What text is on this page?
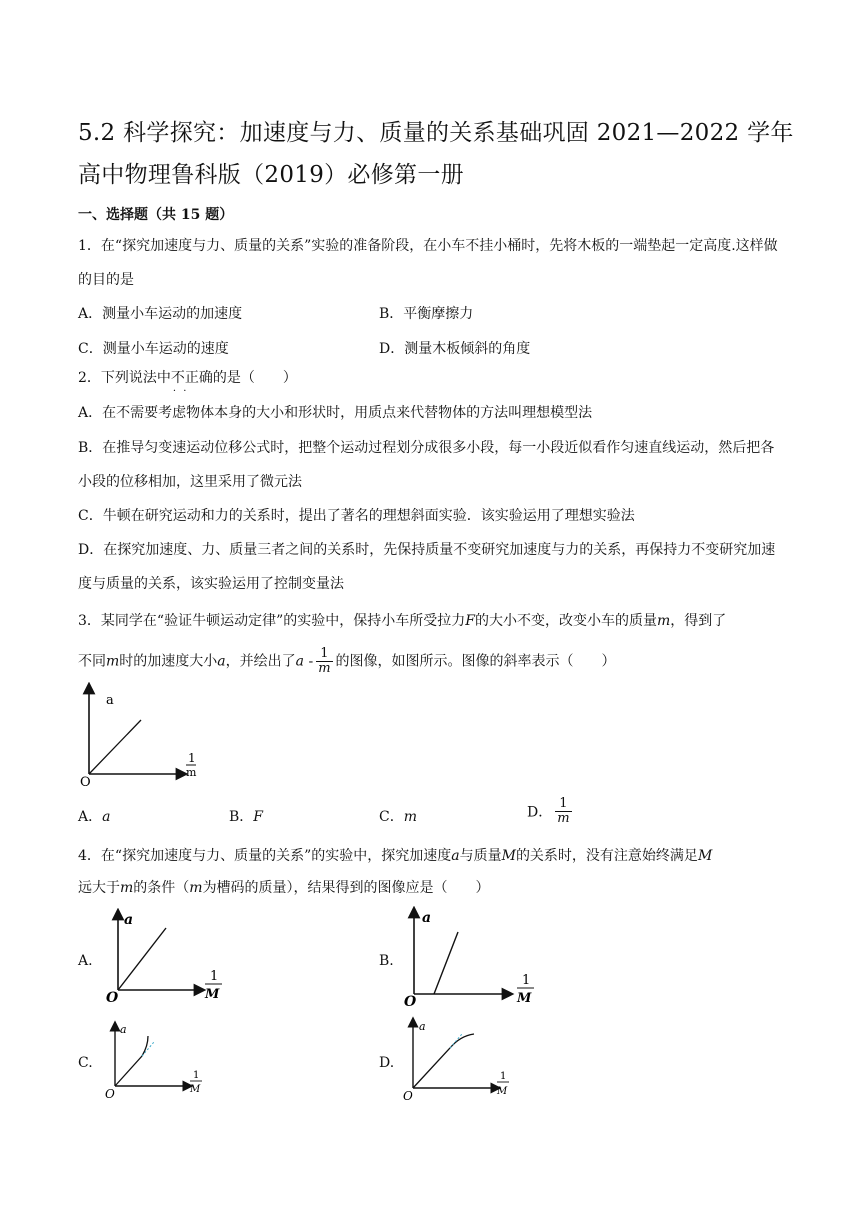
5.2 科学探究：加速度与力、质量的关系基础巩固 2021—2022 学年高中物理鲁科版（2019）必修第一册
一、选择题（共 15 题）
1．在“探究加速度与力、质量的关系”实验的准备阶段，在小车不挂小桶时，先将木板的一端垫起一定高度.这样做的目的是
A．测量小车运动的加速度	B．平衡摩擦力
C．测量小车运动的速度	D．测量木板倾斜的角度
2．下列说法中不正确 · ·的是（　　）
A．在不需要考虑物体本身的大小和形状时，用质点来代替物体的方法叫理想模型法
B．在推导匀变速运动位移公式时，把整个运动过程划分成很多小段，每一小段近似看作匀速直线运动，然后把各小段的位移相加，这里采用了微元法
C．牛顿在研究运动和力的关系时，提出了著名的理想斜面实验．该实验运用了理想实验法
D．在探究加速度、力、质量三者之间的关系时，先保持质量不变研究加速度与力的关系，再保持力不变研究加速度与质量的关系，该实验运用了控制变量法
3．某同学在“验证牛顿运动定律”的实验中，保持小车所受拉力F的大小不变，改变小车的质量m，得到了
不同m时的加速度大小a，并绘出了a - $\frac{1}{m}$ 的图像，如图所示。图像的斜率表示（　　）
a
1
m
O
A．a	B．F	C．m	D． $\frac{1}{m}$
4．在“探究加速度与力、质量的关系”的实验中，探究加速度a与质量M的关系时，没有注意始终满足M
远大于m的条件（m为槽码的质量），结果得到的图像应是（　　）
A.
a
1
M
O
B.
a
1
M
O
C.
a
1
M
O
D.
a
1
M
O
